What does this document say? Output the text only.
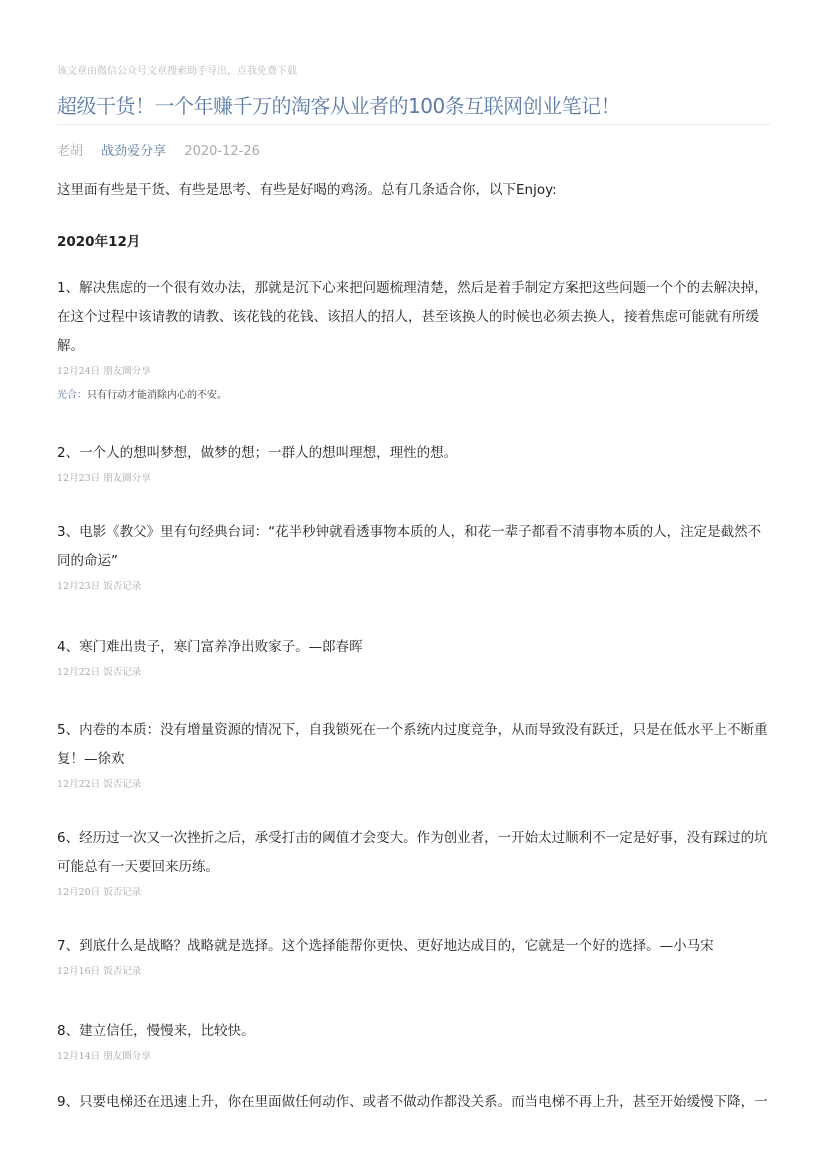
该文章由微信公众号文章搜索助手导出，点我免费下载
超级干货！一个年赚千万的淘客从业者的100条互联网创业笔记！
老胡 战劲爱分享 2020-12-26
这里面有些是干货、有些是思考、有些是好喝的鸡汤。总有几条适合你，以下Enjoy:
2020年12月

1、解决焦虑的一个很有效办法，那就是沉下心来把问题梳理清楚，然后是着手制定方案把这些问题一个个的去解决掉，在这个过程中该请教的请教、该花钱的花钱、该招人的招人，甚至该换人的时候也必须去换人，接着焦虑可能就有所缓解。

12月24日 朋友圈分享
光合：只有行动才能消除内心的不安。

2、一个人的想叫梦想，做梦的想；一群人的想叫理想，理性的想。

12月23日 朋友圈分享

3、电影《教父》里有句经典台词：“花半秒钟就看透事物本质的人，和花一辈子都看不清事物本质的人，注定是截然不同的命运”

12月23日 饭否记录

4、寒门难出贵子，寒门富养净出败家子。—郎春晖

12月22日 饭否记录

5、内卷的本质：没有增量资源的情况下，自我锁死在一个系统内过度竞争，从而导致没有跃迁，只是在低水平上不断重复！—徐欢

12月22日 饭否记录

6、经历过一次又一次挫折之后，承受打击的阈值才会变大。作为创业者，一开始太过顺利不一定是好事，没有踩过的坑可能总有一天要回来历练。

12月20日 饭否记录

7、到底什么是战略？战略就是选择。这个选择能帮你更快、更好地达成目的，它就是一个好的选择。—小马宋

12月16日 饭否记录

8、建立信任，慢慢来，比较快。

12月14日 朋友圈分享

9、只要电梯还在迅速上升，你在里面做任何动作、或者不做动作都没关系。而当电梯不再上升，甚至开始缓慢下降，一
